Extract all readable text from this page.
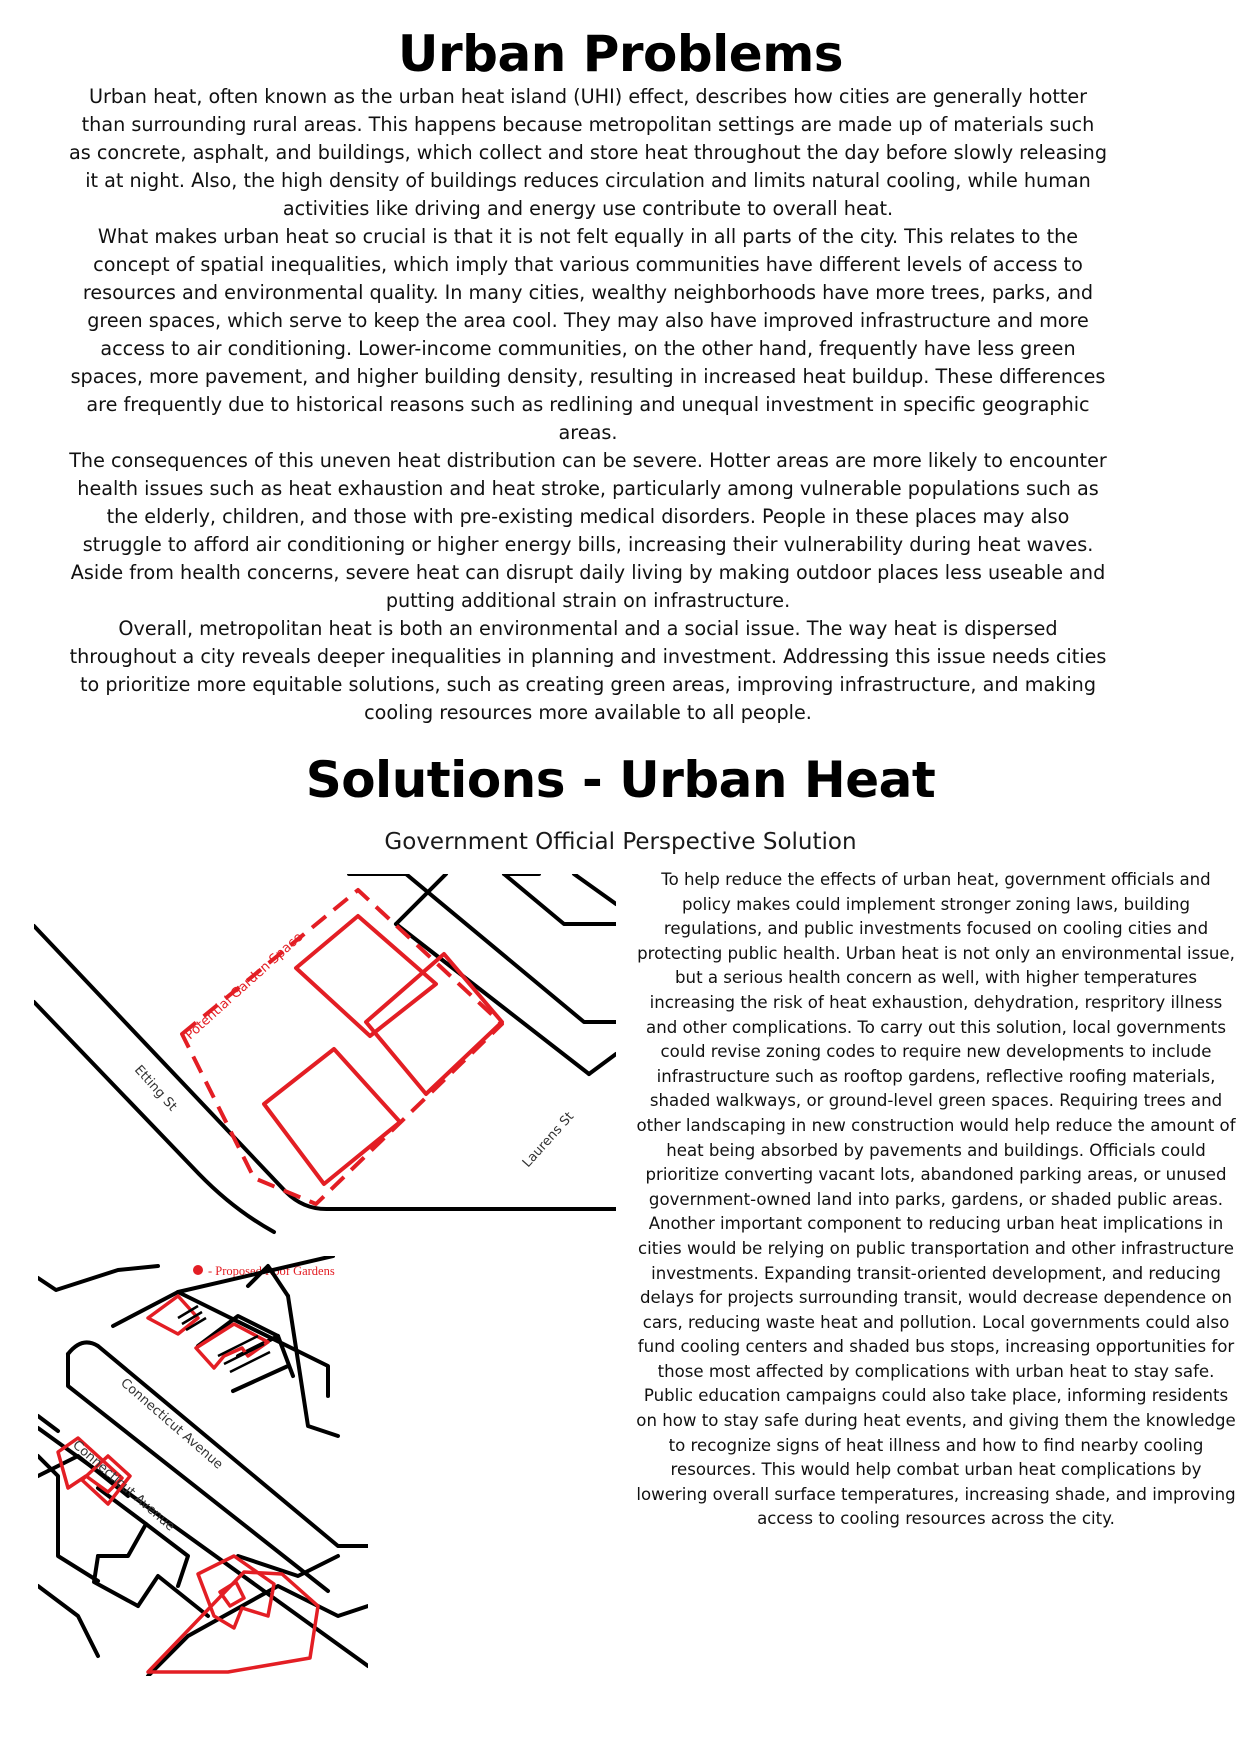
Urban Problems

Urban heat, often known as the urban heat island (UHI) effect, describes how cities are generally hotter than surrounding rural areas. This happens because metropolitan settings are made up of materials such as concrete, asphalt, and buildings, which collect and store heat throughout the day before slowly releasing it at night. Also, the high density of buildings reduces circulation and limits natural cooling, while human activities like driving and energy use contribute to overall heat.

What makes urban heat so crucial is that it is not felt equally in all parts of the city. This relates to the concept of spatial inequalities, which imply that various communities have different levels of access to resources and environmental quality. In many cities, wealthy neighborhoods have more trees, parks, and green spaces, which serve to keep the area cool. They may also have improved infrastructure and more access to air conditioning. Lower-income communities, on the other hand, frequently have less green spaces, more pavement, and higher building density, resulting in increased heat buildup. These differences are frequently due to historical reasons such as redlining and unequal investment in specific geographic areas.

The consequences of this uneven heat distribution can be severe. Hotter areas are more likely to encounter health issues such as heat exhaustion and heat stroke, particularly among vulnerable populations such as the elderly, children, and those with pre-existing medical disorders. People in these places may also struggle to afford air conditioning or higher energy bills, increasing their vulnerability during heat waves. Aside from health concerns, severe heat can disrupt daily living by making outdoor places less useable and putting additional strain on infrastructure.

Overall, metropolitan heat is both an environmental and a social issue. The way heat is dispersed throughout a city reveals deeper inequalities in planning and investment. Addressing this issue needs cities to prioritize more equitable solutions, such as creating green areas, improving infrastructure, and making cooling resources more available to all people.

Solutions - Urban Heat
Government Official Perspective Solution
Potential Garden Space
Etting St
Laurens St
- Proposed Roof Gardens
Connecticut Avenue
Connecticut Avenue

To help reduce the effects of urban heat, government officials and policy makes could implement stronger zoning laws, building regulations, and public investments focused on cooling cities and protecting public health. Urban heat is not only an environmental issue, but a serious health concern as well, with higher temperatures increasing the risk of heat exhaustion, dehydration, respritory illness and other complications. To carry out this solution, local governments could revise zoning codes to require new developments to include infrastructure such as rooftop gardens, reflective roofing materials, shaded walkways, or ground-level green spaces. Requiring trees and other landscaping in new construction would help reduce the amount of heat being absorbed by pavements and buildings. Officials could prioritize converting vacant lots, abandoned parking areas, or unused government-owned land into parks, gardens, or shaded public areas.

Another important component to reducing urban heat implications in cities would be relying on public transportation and other infrastructure investments. Expanding transit-oriented development, and reducing delays for projects surrounding transit, would decrease dependence on cars, reducing waste heat and pollution. Local governments could also fund cooling centers and shaded bus stops, increasing opportunities for those most affected by complications with urban heat to stay safe. Public education campaigns could also take place, informing residents on how to stay safe during heat events, and giving them the knowledge to recognize signs of heat illness and how to find nearby cooling resources. This would help combat urban heat complications by lowering overall surface temperatures, increasing shade, and improving access to cooling resources across the city.
